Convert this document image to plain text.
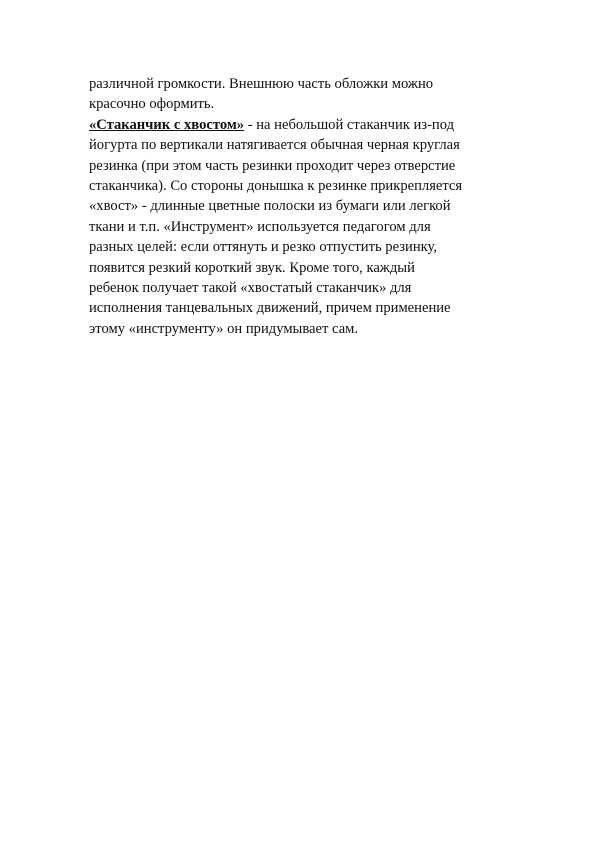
различной громкости. Внешнюю часть обложки можно
красочно оформить.
«Стаканчик с хвостом» - на небольшой стаканчик из-под
йогурта по вертикали натягивается обычная черная круглая
резинка (при этом часть резинки проходит через отверстие
стаканчика). Со стороны донышка к резинке прикрепляется
«хвост» - длинные цветные полоски из бумаги или легкой
ткани и т.п. «Инструмент» используется педагогом для
разных целей: если оттянуть и резко отпустить резинку,
появится резкий короткий звук. Кроме того, каждый
ребенок получает такой «хвостатый стаканчик» для
исполнения танцевальных движений, причем применение
этому «инструменту» он придумывает сам.
